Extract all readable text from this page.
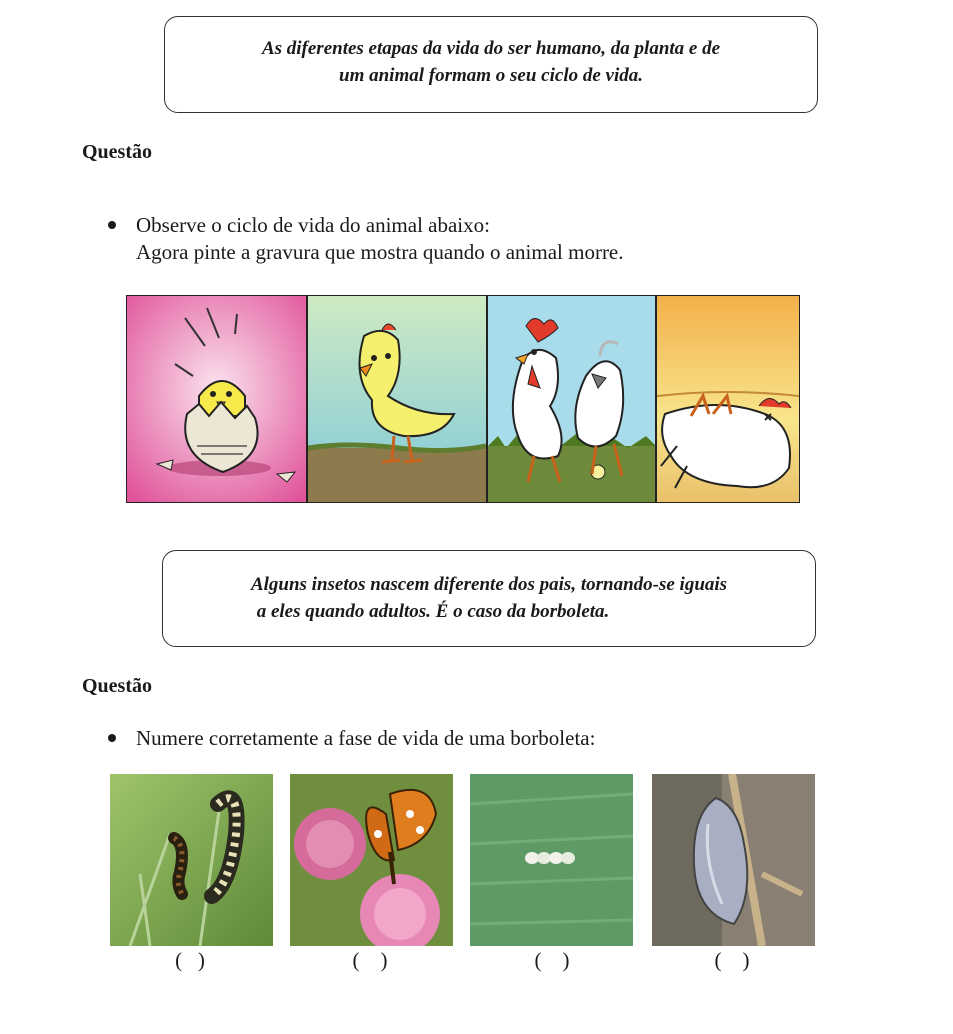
As diferentes etapas da vida do ser humano, da planta e de
um animal formam o seu ciclo de vida.
Questão
Observe o ciclo de vida do animal abaixo:
Agora pinte a gravura que mostra quando o animal morre.
Alguns insetos nascem diferente dos pais, tornando-se iguais
a eles quando adultos. É o caso da borboleta.
Questão
Numere corretamente a fase de vida de uma borboleta:
(   )	(    )	(    )	(    )
